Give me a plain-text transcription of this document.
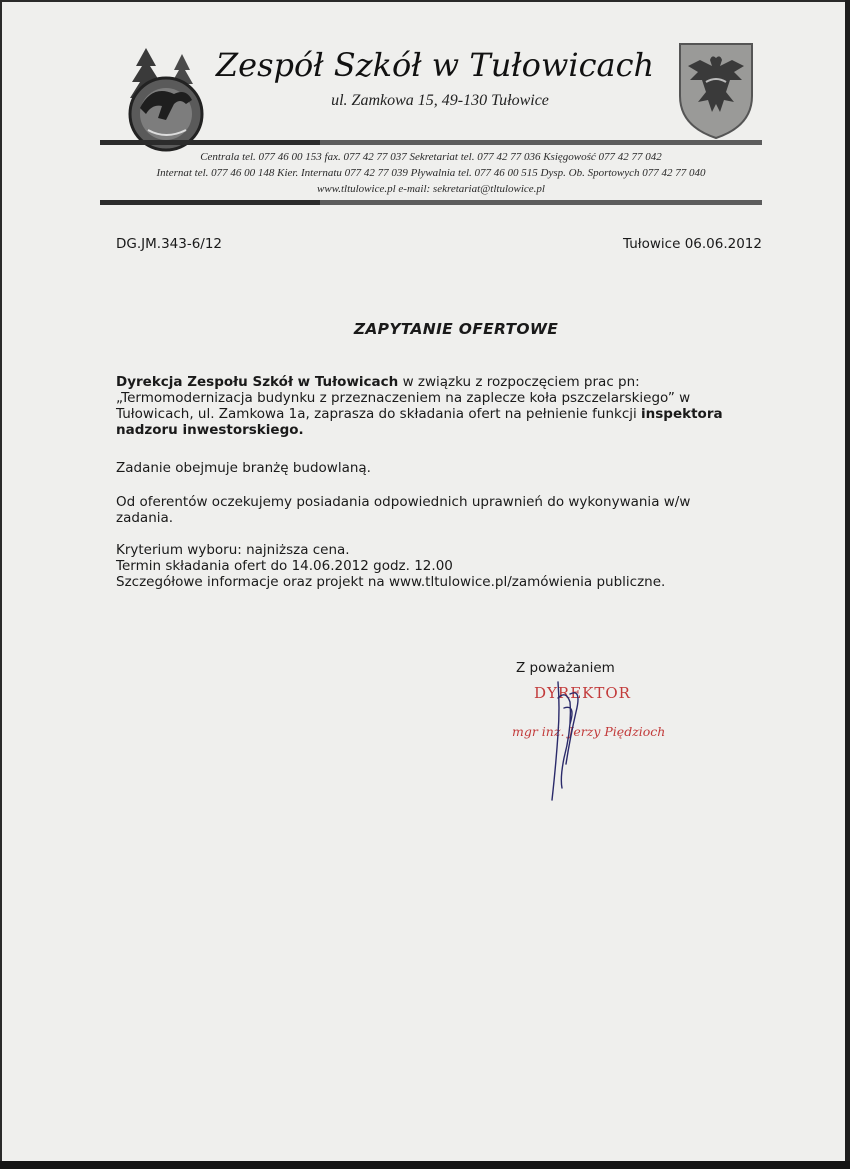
Zespół Szkół w Tułowicach
ul. Zamkowa 15, 49-130 Tułowice
Centrala tel. 077 46 00 153 fax. 077 42 77 037 Sekretariat tel. 077 42 77 036 Księgowość 077 42 77 042
Internat tel. 077 46 00 148 Kier. Internatu 077 42 77 039 Pływalnia tel. 077 46 00 515 Dysp. Ob. Sportowych 077 42 77 040
www.tltulowice.pl e-mail: sekretariat@tltulowice.pl
DG.JM.343-6/12	Tułowice 06.06.2012
ZAPYTANIE OFERTOWE

Dyrekcja Zespołu Szkół w Tułowicach w związku z rozpoczęciem prac pn:
„Termomodernizacja budynku z przeznaczeniem na zaplecze koła pszczelarskiego” w
Tułowicach, ul. Zamkowa 1a, zaprasza do składania ofert na pełnienie funkcji inspektora
nadzoru inwestorskiego.

Zadanie obejmuje branżę budowlaną.

Od oferentów oczekujemy posiadania odpowiednich uprawnień do wykonywania w/w
zadania.

Kryterium wyboru: najniższa cena.
Termin składania ofert do 14.06.2012 godz. 12.00
Szczegółowe informacje oraz projekt na www.tltulowice.pl/zamówienia publiczne.

Z poważaniem
DYREKTOR
mgr inż. Jerzy Piędzioch
